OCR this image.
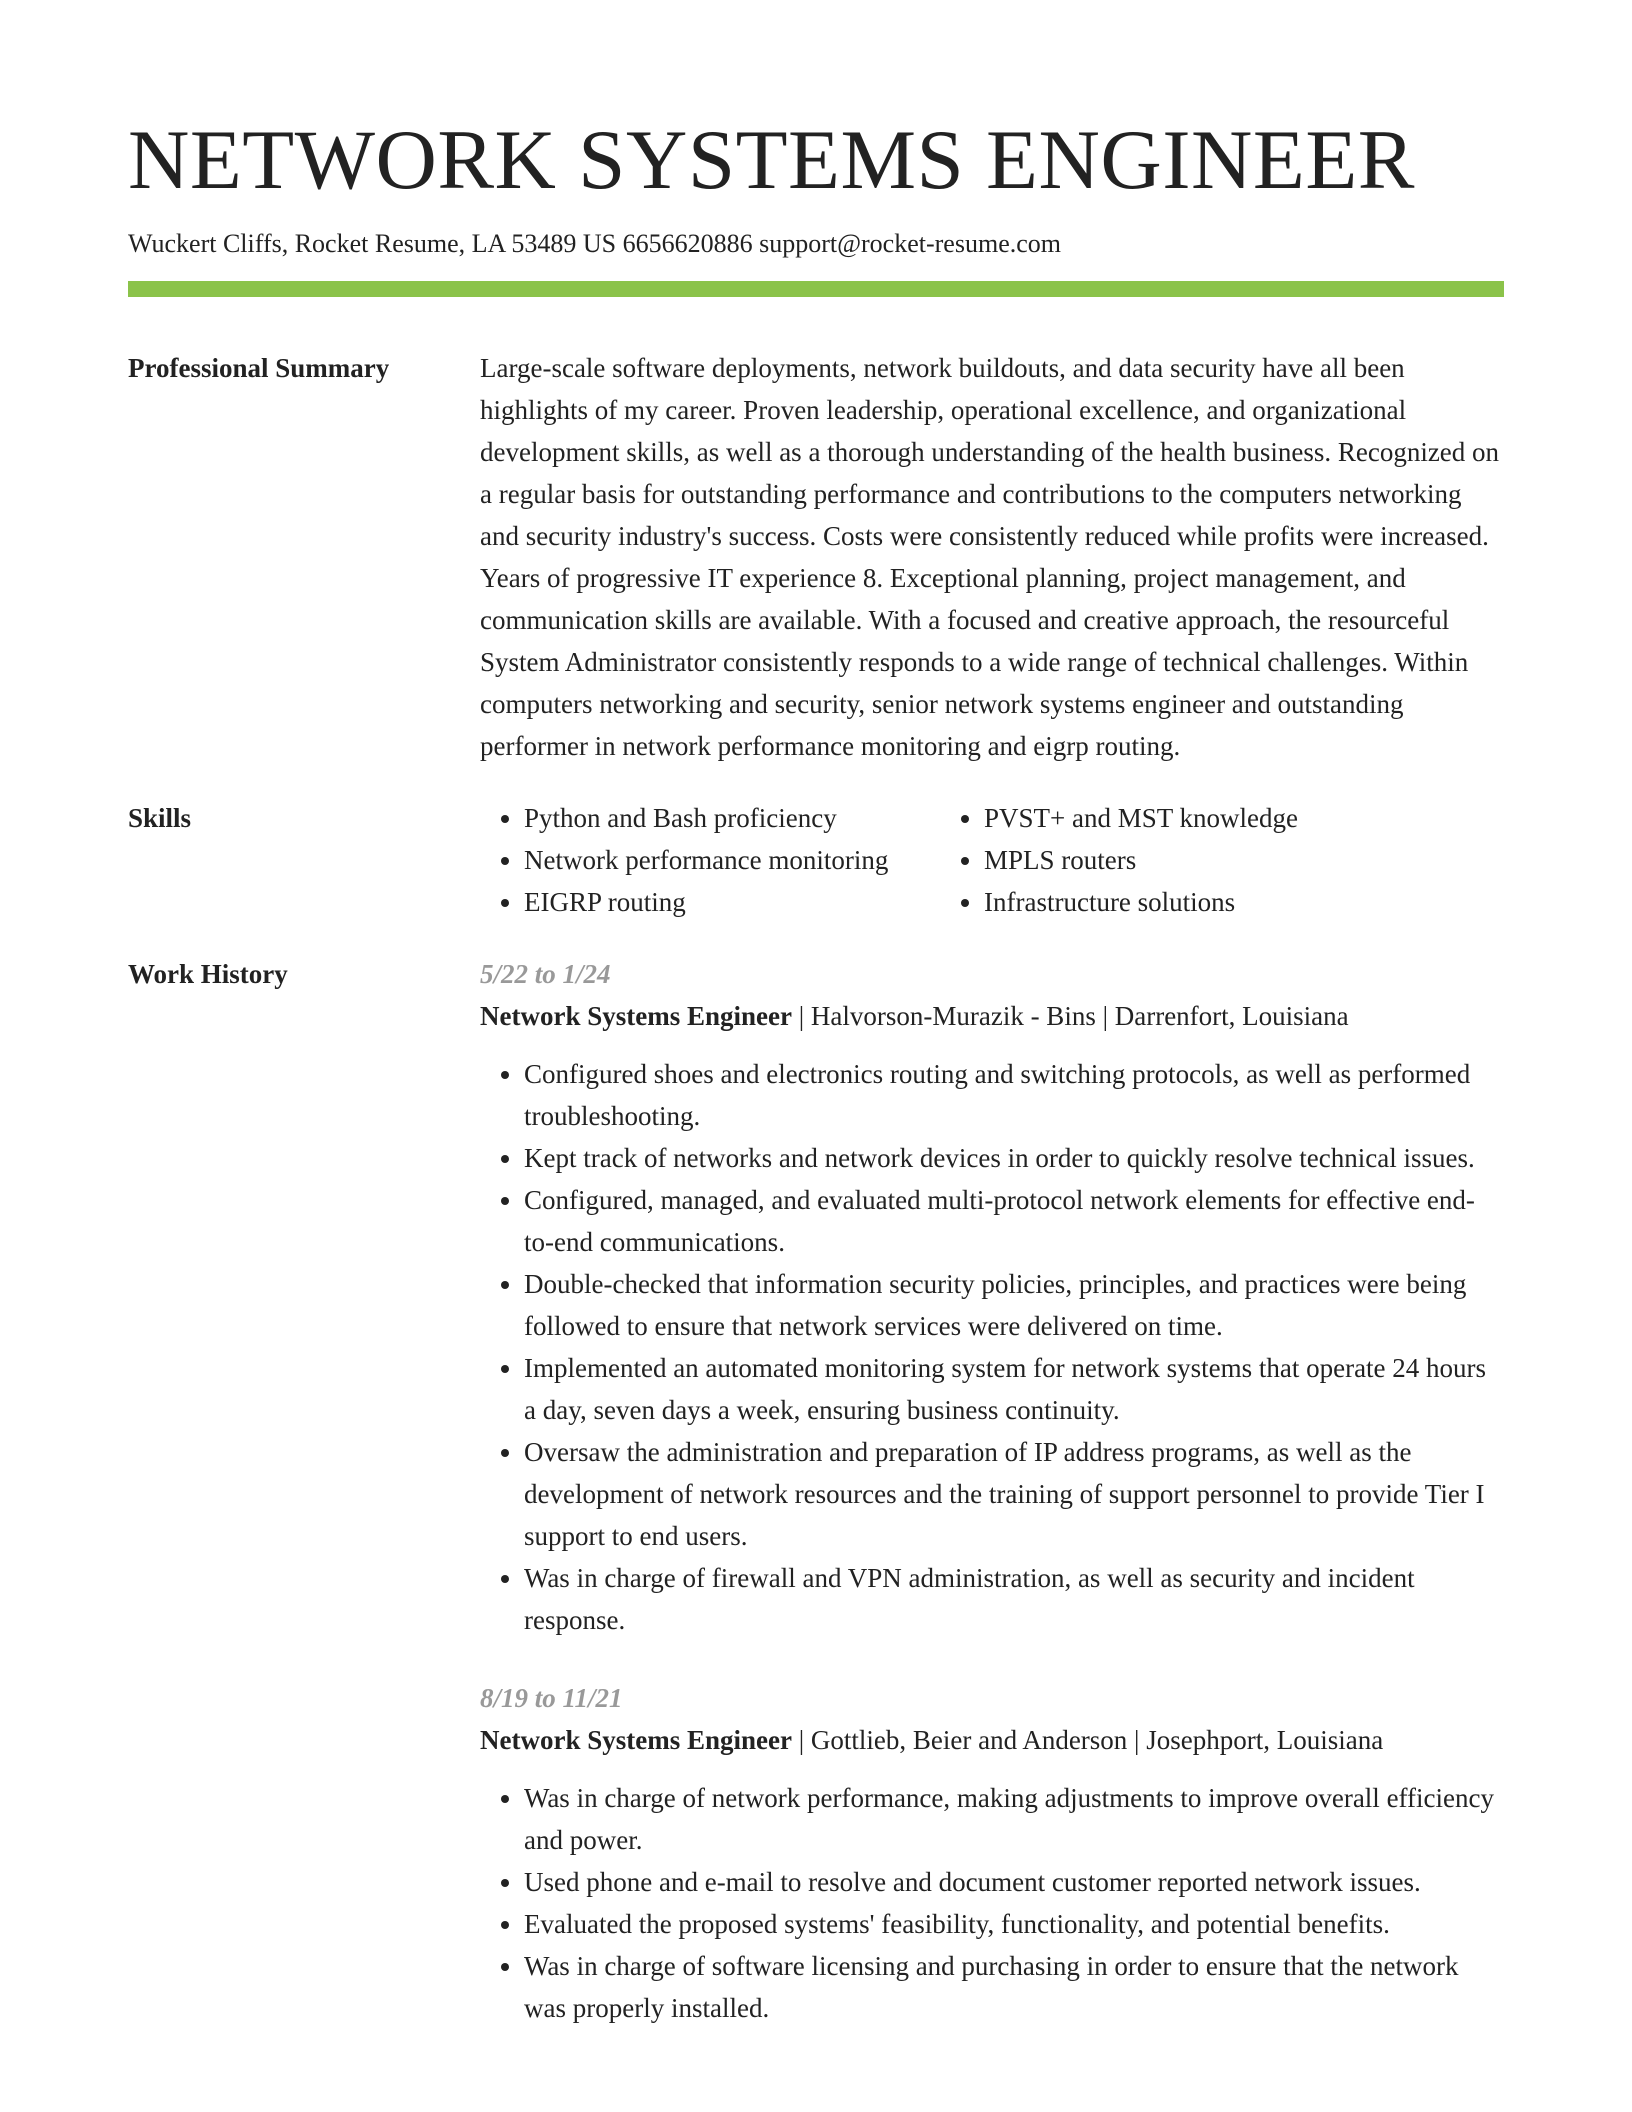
NETWORK SYSTEMS ENGINEER
Wuckert Cliffs, Rocket Resume, LA 53489 US 6656620886 support@rocket-resume.com
Professional Summary	Large-scale software deployments, network buildouts, and data security have all been highlights of my career. Proven leadership, operational excellence, and organizational development skills, as well as a thorough understanding of the health business. Recognized on a regular basis for outstanding performance and contributions to the computers networking and security industry's success. Costs were consistently reduced while profits were increased. Years of progressive IT experience 8. Exceptional planning, project management, and communication skills are available. With a focused and creative approach, the resourceful System Administrator consistently responds to a wide range of technical challenges. Within computers networking and security, senior network systems engineer and outstanding performer in network performance monitoring and eigrp routing.

Skills
•	Python and Bash proficiency
• Network performance monitoring
• EIGRP routing
• PVST+ and MST knowledge
• MPLS routers
• Infrastructure solutions
Work History	5/22 to 1/24
Network Systems Engineer | Halvorson-Murazik - Bins | Darrenfort, Louisiana
• Configured shoes and electronics routing and switching protocols, as well as performed troubleshooting.
• Kept track of networks and network devices in order to quickly resolve technical issues.
• Configured, managed, and evaluated multi-protocol network elements for effective end-to-end communications.
• Double-checked that information security policies, principles, and practices were being followed to ensure that network services were delivered on time.
• Implemented an automated monitoring system for network systems that operate 24 hours a day, seven days a week, ensuring business continuity.
• Oversaw the administration and preparation of IP address programs, as well as the development of network resources and the training of support personnel to provide Tier I support to end users.
• Was in charge of firewall and VPN administration, as well as security and incident response.
8/19 to 11/21
Network Systems Engineer | Gottlieb, Beier and Anderson | Josephport, Louisiana
• Was in charge of network performance, making adjustments to improve overall efficiency and power.
• Used phone and e-mail to resolve and document customer reported network issues.
• Evaluated the proposed systems' feasibility, functionality, and potential benefits.
• Was in charge of software licensing and purchasing in order to ensure that the network was properly installed.
